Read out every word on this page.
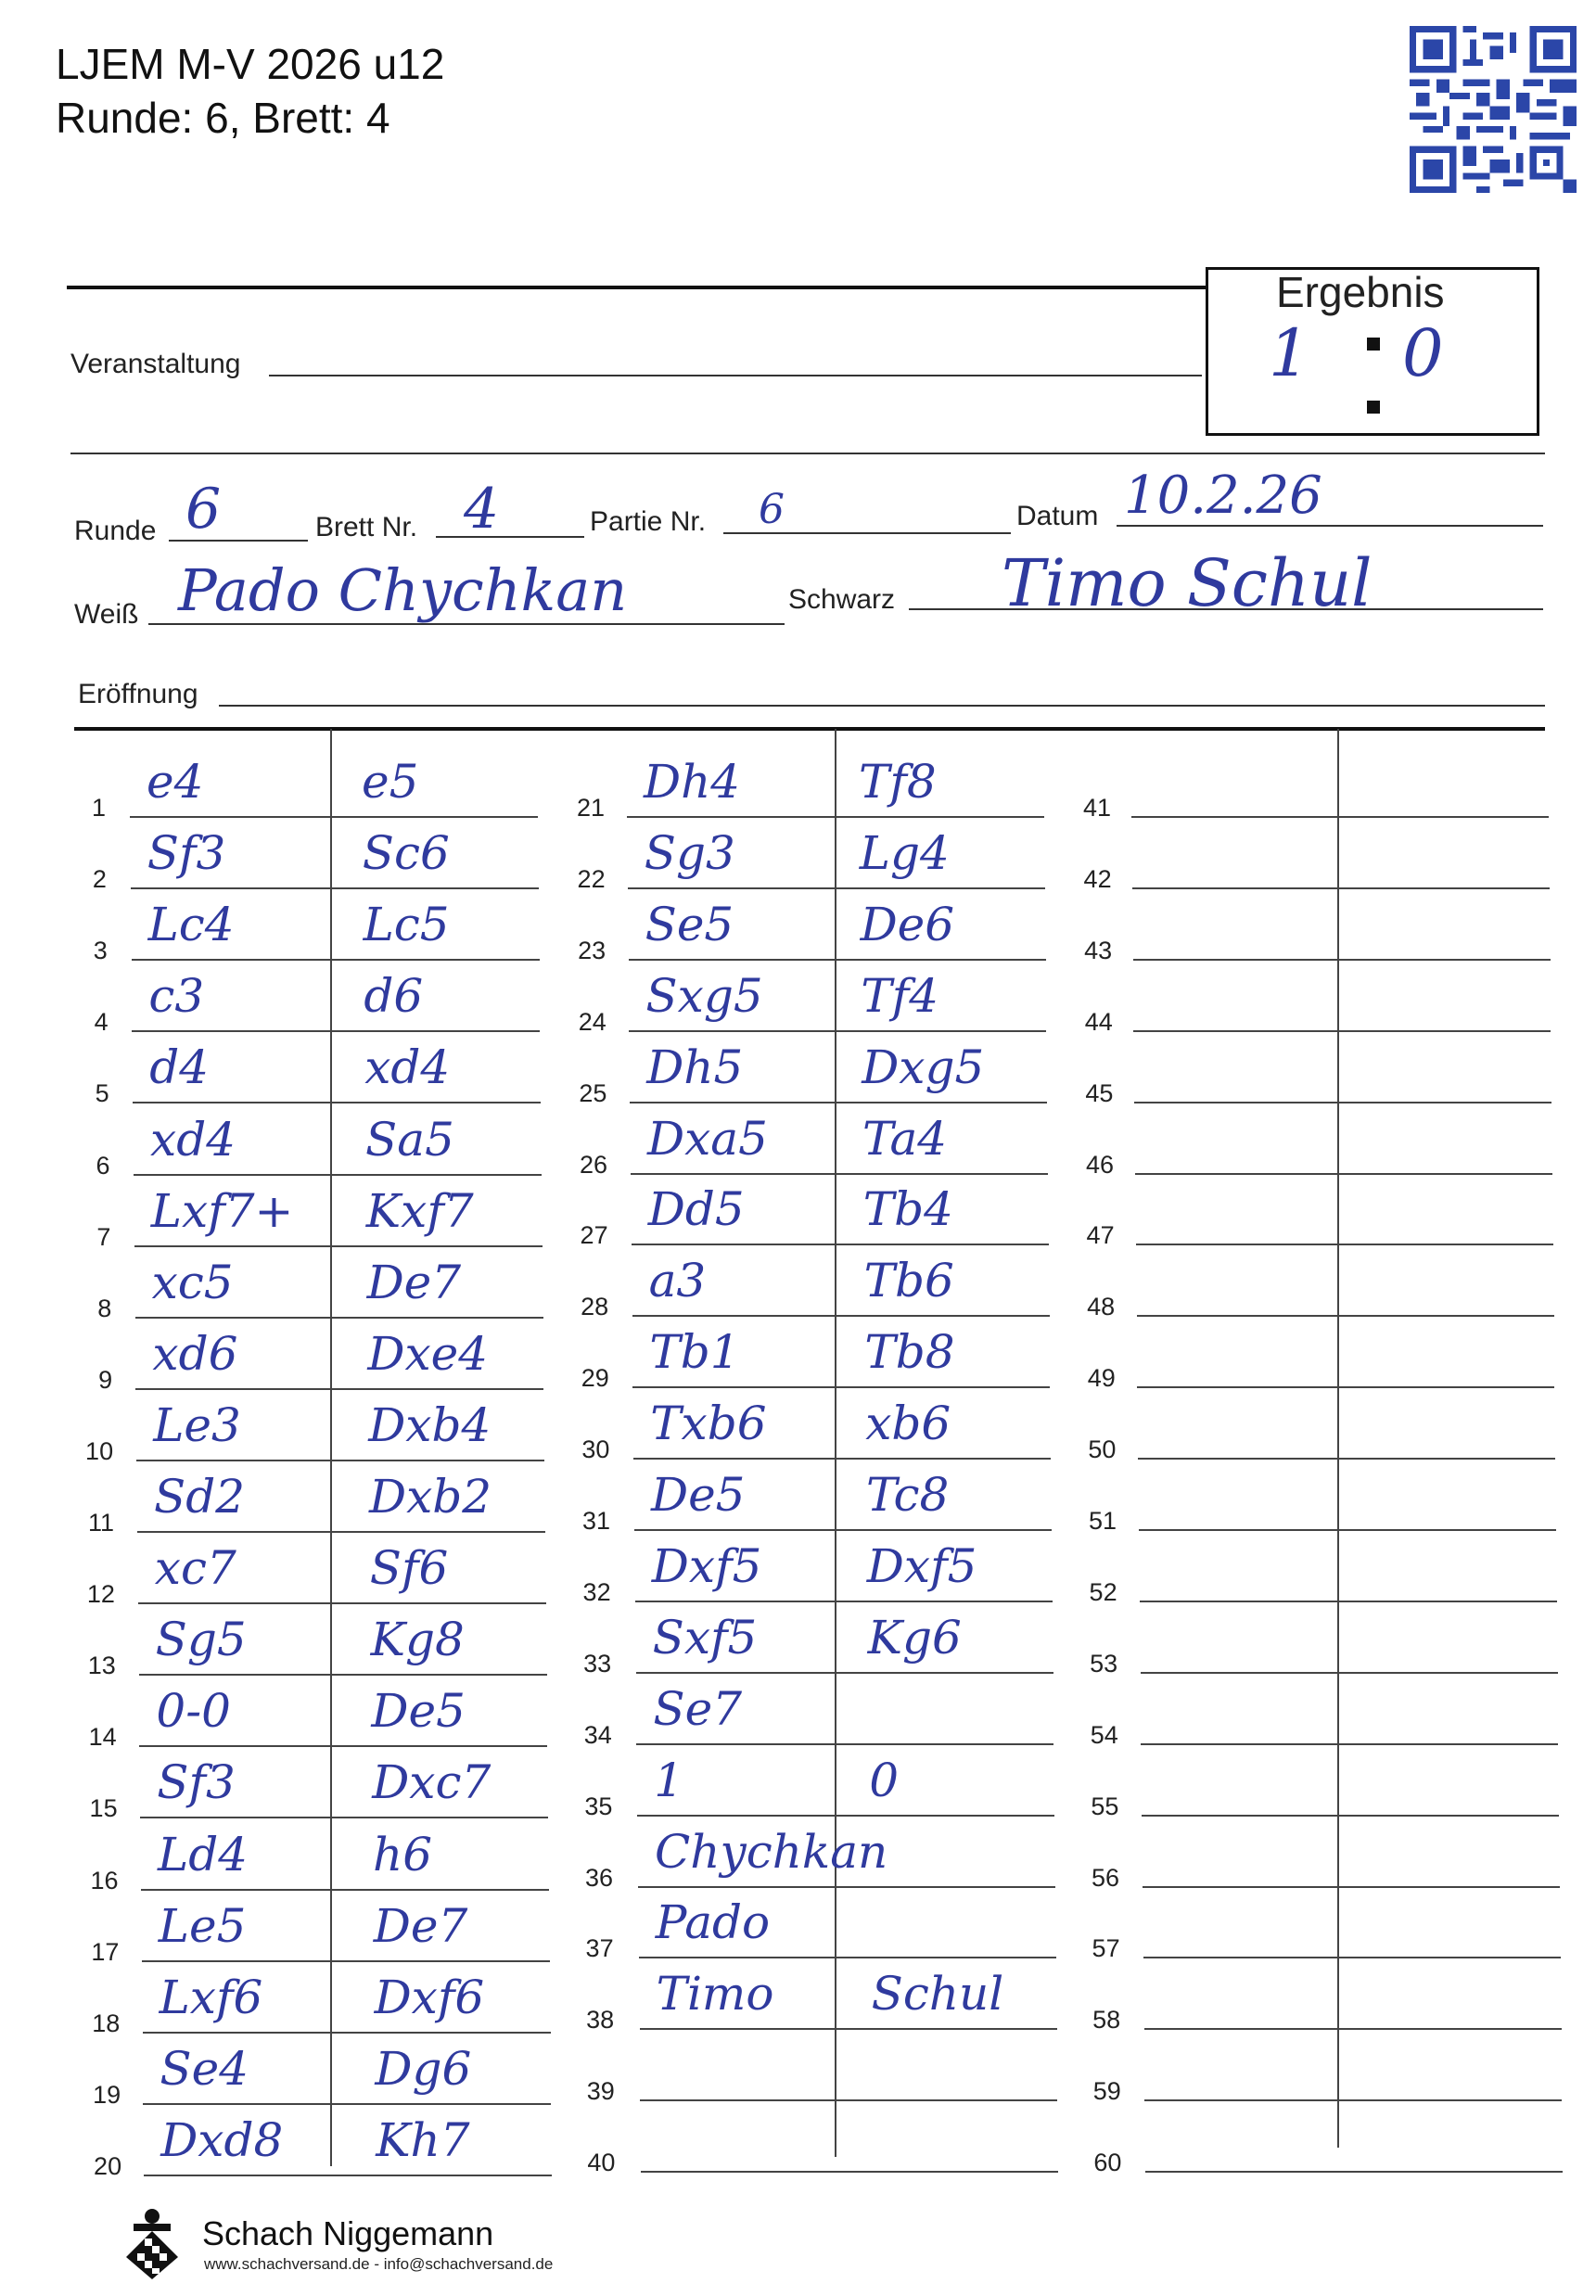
LJEM M-V 2026 u12
Runde: 6, Brett: 4
Ergebnis
1 0
Veranstaltung
Runde 6	Brett Nr. 4	Partie Nr. 6	Datum 10.2.26
Weiß Pado Chychkan	Schwarz Timo Schul
Eröffnung
1 e4	e5
2 Sf3	Sc6
3 Lc4	Lc5
4 c3	d6
5 d4	xd4
6 xd4	Sa5
7 Lxf7+ Kxf7
8 xc5	De7
9 xd6	Dxe4
10 Le3	Dxb4
11 Sd2	Dxb2
12 xc7	Sf6
13 Sg5	Kg8
14 0-0	De5
15 Sf3	Dxc7
16 Ld4	h6
17 Le5	De7
18 Lxf6 Dxf6
19 Se4	Dg6
20 Dxd8 Kh7
21 Dh4	Tf8
22 Sg3	Lg4
23 Se5	De6
24 Sxg5 Tf4
25 Dh5	Dxg5
26 Dxa5 Ta4
27 Dd5	Tb4
28 a3	Tb6
29 Tb1	Tb8
30 Txb6 xb6
31 De5	Tc8
32 Dxf5 Dxf5
33 Sxf5 Kg6
34 Se7
35 1	0
36 Chychkan
37 Pado
38 Timo Schul
39
40
41
42
43
44
45
46
47
48
49
50
51
52
53
54
55
56
57
58
59
60
Schach Niggemann
www.schachversand.de - info@schachversand.de
